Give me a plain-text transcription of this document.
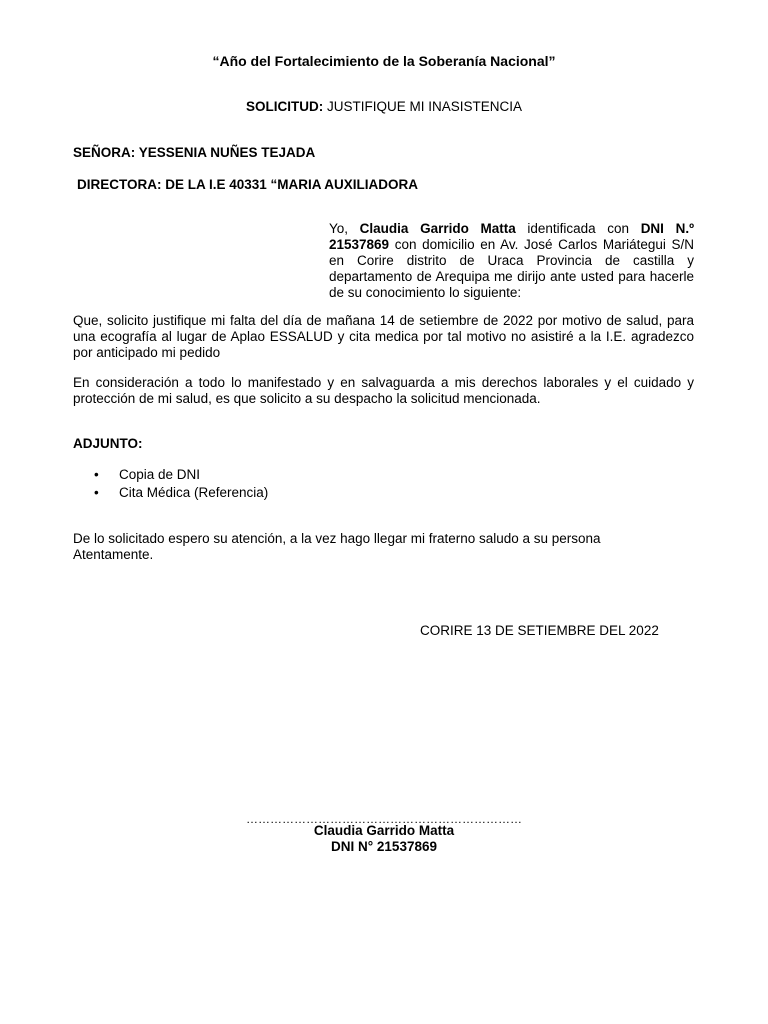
“Año del Fortalecimiento de la Soberanía Nacional”
SOLICITUD: JUSTIFIQUE MI INASISTENCIA
SEÑORA: YESSENIA NUÑES TEJADA
DIRECTORA: DE LA I.E 40331 “MARIA AUXILIADORA
Yo, Claudia Garrido Matta identificada con DNI N.º 21537869 con domicilio en Av. José Carlos Mariátegui S/N en Corire distrito de Uraca Provincia de castilla y departamento de Arequipa me dirijo ante usted para hacerle de su conocimiento lo siguiente:
Que, solicito justifique mi falta del día de mañana 14 de setiembre de 2022 por motivo de salud, para una ecografía al lugar de Aplao ESSALUD y cita medica por tal motivo no asistiré a la I.E. agradezco por anticipado mi pedido
En consideración a todo lo manifestado y en salvaguarda a mis derechos laborales y el cuidado y protección de mi salud, es que solicito a su despacho la solicitud mencionada.
ADJUNTO:
• Copia de DNI
• Cita Médica (Referencia)
De lo solicitado espero su atención, a la vez hago llegar mi fraterno saludo a su persona
Atentamente.
CORIRE 13 DE SETIEMBRE DEL 2022
……………………………………………………………
Claudia Garrido Matta
DNI N° 21537869
